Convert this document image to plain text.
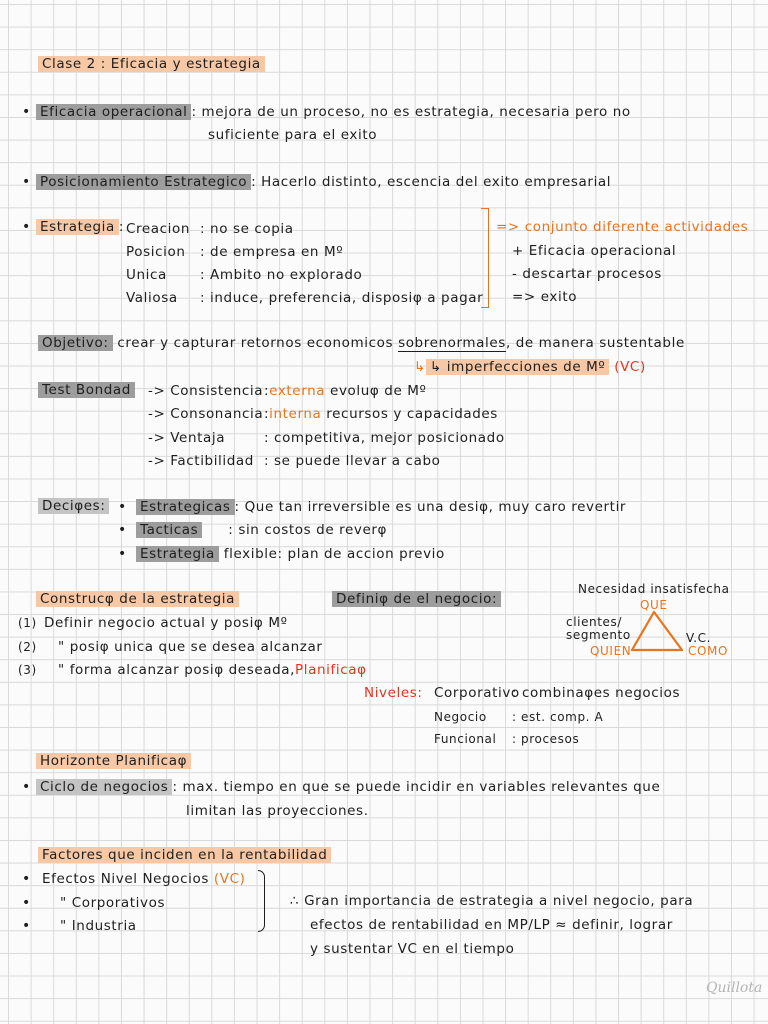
Clase 2 : Eficacia y estrategia
• Eficacia operacional : mejora de un proceso, no es estrategia, necesaria pero no
suficiente para el exito
• Posicionamiento Estrategico : Hacerlo distinto, escencia del exito empresarial
• Estrategia : Creacion : no se copia
Posicion : de empresa en Mº
Unica : Ambito no explorado
Valiosa : induce, preferencia, disposiφ a pagar
=> conjunto diferente actividades
+ Eficacia operacional
- descartar procesos
=> exito
Objetivo: crear y capturar retornos economicos sobrenormales, de manera sustentable
↳ ↳ imperfecciones de Mº (VC)
Test Bondad -> Consistencia :externa evoluφ de Mº
-> Consonancia :interna recursos y capacidades
-> Ventaja	: competitiva, mejor posicionado
-> Factibilidad : se puede llevar a cabo
Deciφes: • Estrategicas : Que tan irreversible es una desiφ, muy caro revertir
• Tacticas : sin costos de reverφ
• Estrategia flexible: plan de accion previo
Construcφ de la estrategia
(1) Definir negocio actual y posiφ Mº
(2) " posiφ unica que se desea alcanzar
(3) " forma alcanzar posiφ deseada,Planificaφ
Definiφ de el negocio:
Necesidad insatisfecha
QUE
clientes/ segmento
QUIEN
V.C.
COMO
Niveles: Corporativo
: combinaφes negocios
Negocio : est. comp. A
Funcional : procesos
Horizonte Planificaφ
• Ciclo de negocios : max. tiempo en que se puede incidir en variables relevantes que
limitan las proyecciones.
Factores que inciden en la rentabilidad
• Efectos Nivel Negocios (VC)
• " Corporativos
• " Industria
∴ Gran importancia de estrategia a nivel negocio, para
efectos de rentabilidad en MP/LP ≈ definir, lograr
y sustentar VC en el tiempo
Quillota
